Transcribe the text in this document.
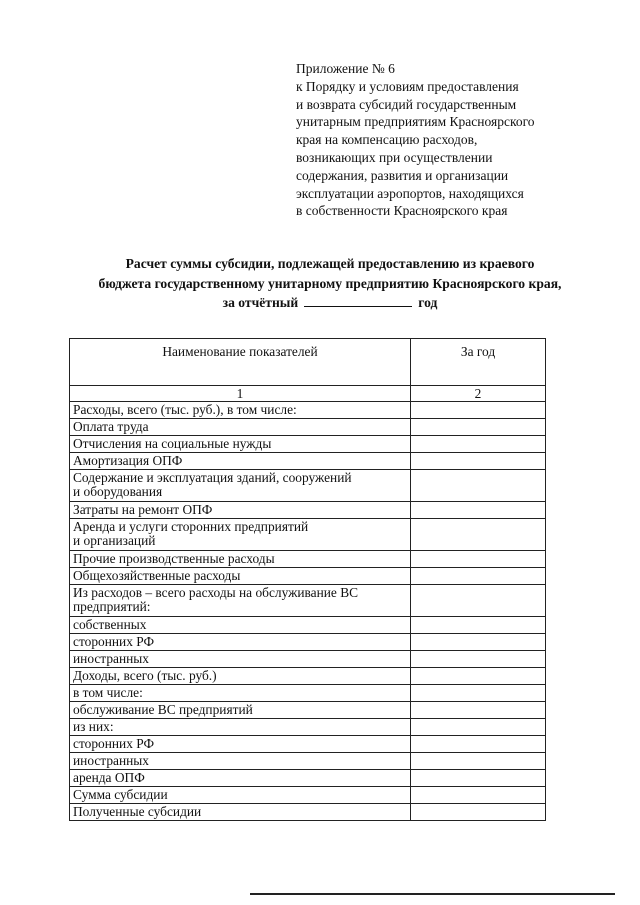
Приложение № 6
к Порядку и условиям предоставления
и возврата субсидий государственным
унитарным предприятиям Красноярского
края на компенсацию расходов,
возникающих при осуществлении
содержания, развития и организации
эксплуатации аэропортов, находящихся
в собственности Красноярского края
Расчет суммы субсидии, подлежащей предоставлению из краевого
бюджета государственному унитарному предприятию Красноярского края,
за отчётный	год
Наименование показателей	За год
1	2

Расходы, всего (тыс. руб.), в том числе:	

Оплата труда	

Отчисления на социальные нужды	

Амортизация ОПФ	

Содержание и эксплуатация зданий, сооружений
и оборудования	

Затраты на ремонт ОПФ	

Аренда и услуги сторонних предприятий
и организаций	

Прочие производственные расходы	

Общехозяйственные расходы	

Из расходов – всего расходы на обслуживание ВС
предприятий:	

собственных	

сторонних РФ	

иностранных	

Доходы, всего (тыс. руб.)	

в том числе:	

обслуживание ВС предприятий	

из них:	

сторонних РФ	

иностранных	

аренда ОПФ	

Сумма субсидии	

Полученные субсидии	
